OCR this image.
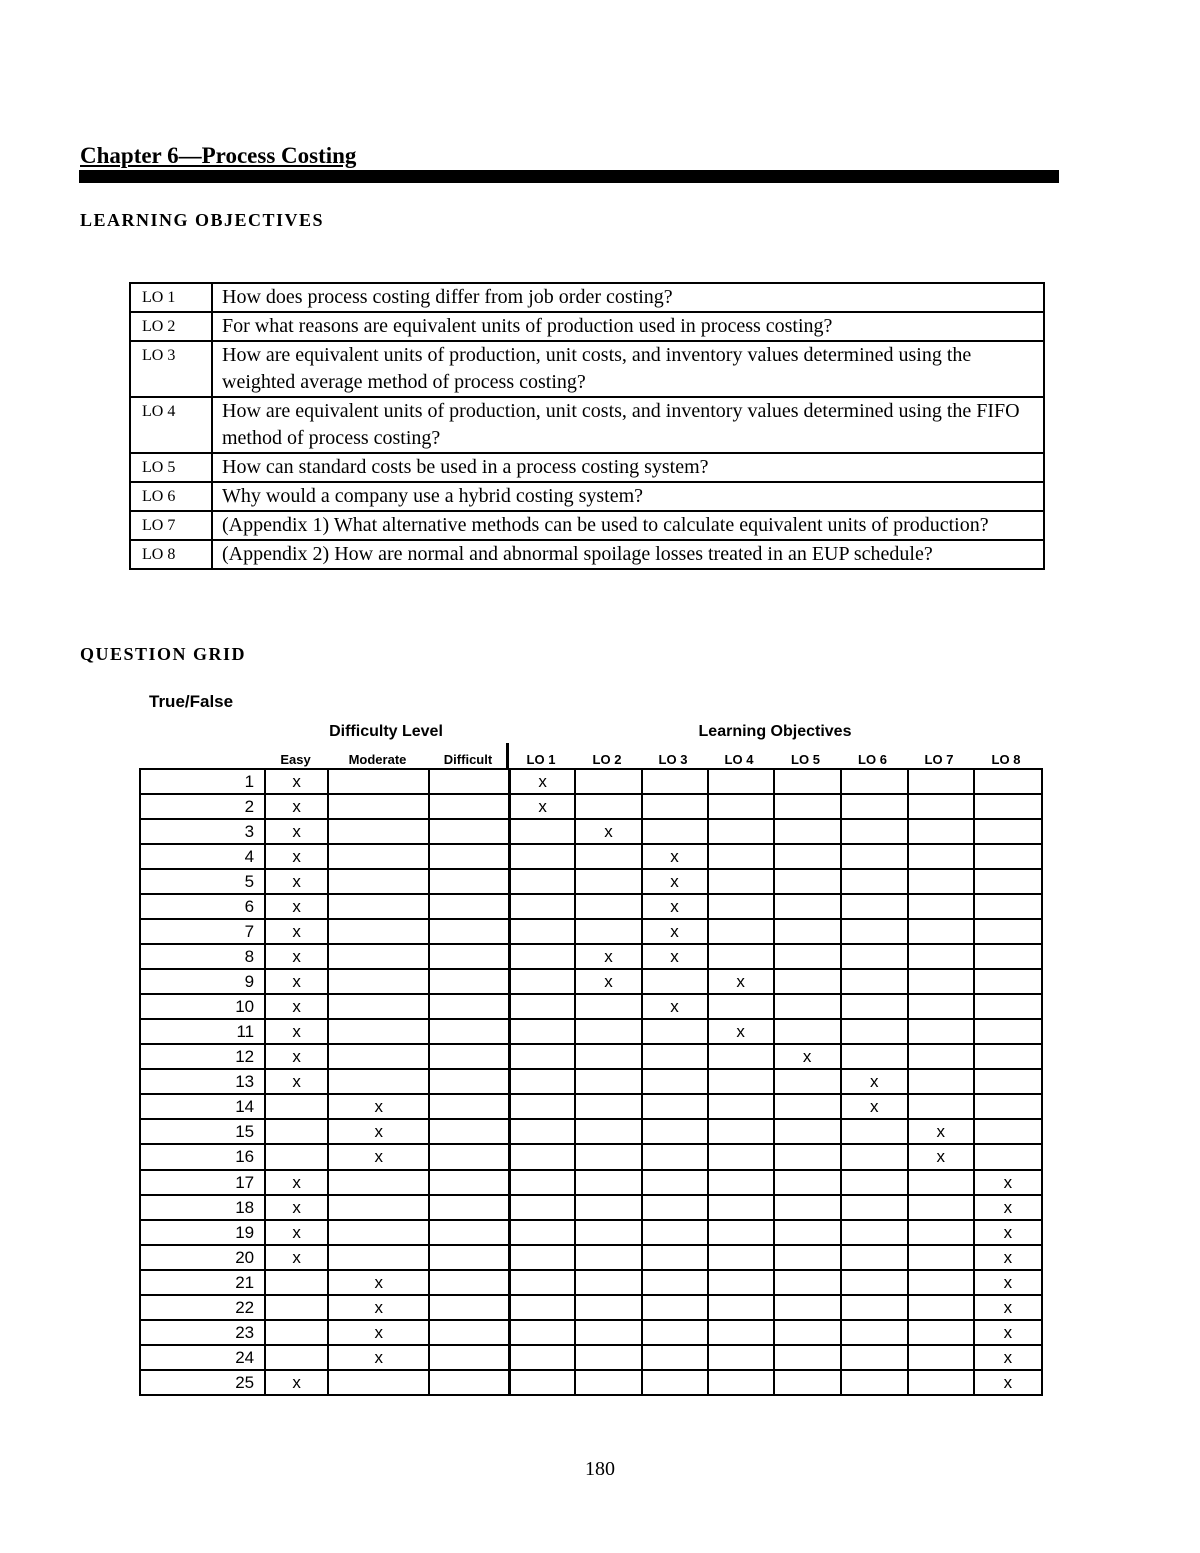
Chapter 6—Process Costing
LEARNING OBJECTIVES
LO 1	How does process costing differ from job order costing?
LO 2	For what reasons are equivalent units of production used in process costing?
LO 3	How are equivalent units of production, unit costs, and inventory values determined using the weighted average method of process costing?
LO 4	How are equivalent units of production, unit costs, and inventory values determined using the FIFO method of process costing?
LO 5	How can standard costs be used in a process costing system?
LO 6	Why would a company use a hybrid costing system?
LO 7	(Appendix 1) What alternative methods can be used to calculate equivalent units of production?
LO 8	(Appendix 2) How are normal and abnormal spoilage losses treated in an EUP schedule?
QUESTION GRID
True/False
Difficulty Level	Learning Objectives
Easy	Moderate	Difficult	LO 1	LO 2	LO 3	LO 4	LO 5	LO 6	LO 7	LO 8
1	x			x							
2	x			x							
3	x				x						
4	x					x					
5	x					x					
6	x					x					
7	x					x					
8	x				x	x					
9	x				x		x				
10	x					x					
11	x						x				
12	x							x			
13	x								x		
14		x							x		
15		x								x	
16		x								x	
17	x										x
18	x										x
19	x										x
20	x										x
21		x									x
22		x									x
23		x									x
24		x									x
25	x										x
180
